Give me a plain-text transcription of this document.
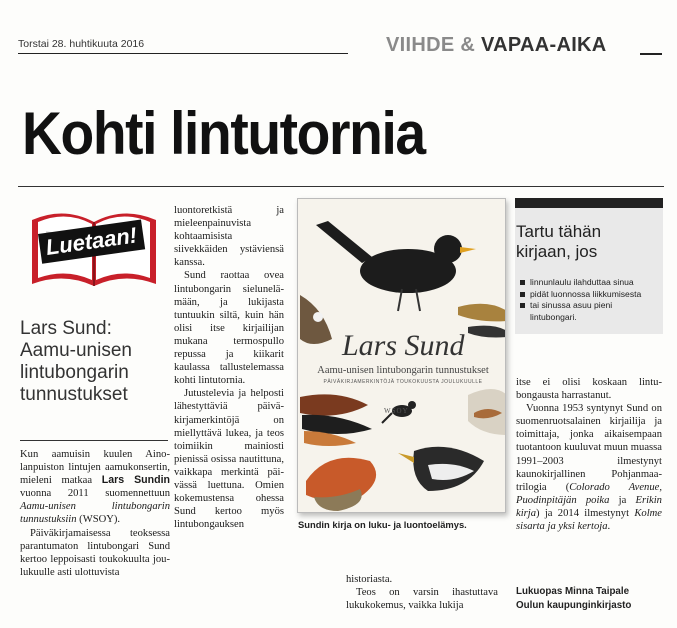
Torstai 28. huhtikuuta 2016	VIIHDE & VAPAA-AIKA
Kohti lintutornia
Luetaan!
Lars Sund: Aamu-unisen lintubongarin tunnustukset

Kun aamuisin kuulen Ainolanpuiston lintujen aamukonsertin, mieleni matkaa Lars Sundin vuonna 2011 suomennettuun Aamu-unisen lintubongarin tunnustuksiin (WSOY).

Päiväkirjamaisessa teoksessa parantumaton lintubongari Sund kertoo leppoisasti toukokuulta joulukuulle asti ulottuvista

luontoretkistä ja mieleenpainuvista kohtaamisista siivekkäiden ystäviensä kanssa.

Sund raottaa ovea lintubongarin sielunelämään, ja lukijasta tuntuukin siltä, kuin hän olisi itse kirjailijan mukana termospullo repussa ja kiikarit kaulassa tallustelemassa kohti lintutornia.

Jutustelevia ja helposti lähestyttäviä päiväkirjamerkintöjä on miellyttävä lukea, ja teos toimiikin mainiosti pienissä osissa nautittuna, vaikkapa merkintä päivässä luettuna. Omien kokemustensa ohessa Sund kertoo myös lintubongauksen

Lars Sund
Aamu-unisen lintubongarin tunnustukset
PÄIVÄKIRJAMERKINTÖJÄ TOUKOKUUSTA JOULUKUULLE
WSOY
Sundin kirja on luku- ja luontoelämys.

historiasta.

Teos on varsin ihastuttava lukukokemus, vaikka lukija

Tartu tähän kirjaan, jos
linnunlaulu ilahduttaa sinua
pidät luonnossa liikkumisesta
tai sinussa asuu pieni lintubongari.

itse ei olisi koskaan lintubongausta harrastanut.

Vuonna 1953 syntynyt Sund on suomenruotsalainen kirjailija ja toimittaja, jonka aikaisempaan tuotantoon kuuluvat muun muassa 1991–2003 ilmestynyt kaunokirjallinen Pohjanmaa-trilogia (Colorado Avenue, Puodinpitäjän poika ja Erikin kirja) ja 2014 ilmestynyt Kolme sisarta ja yksi kertoja.

Lukuopas Minna Taipale
Oulun kaupunginkirjasto
